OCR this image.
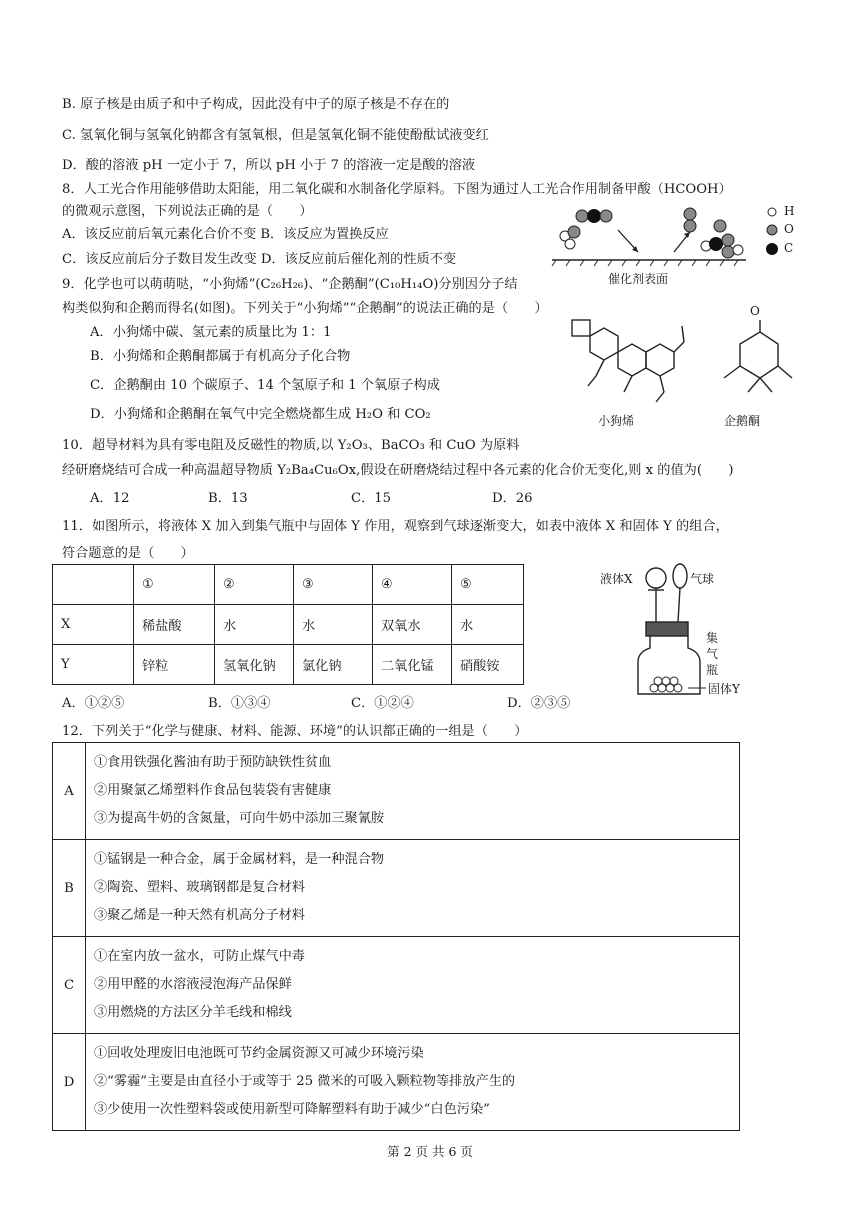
B. 原子核是由质子和中子构成，因此没有中子的原子核是不存在的
C. 氢氧化铜与氢氧化钠都含有氢氧根，但是氢氧化铜不能使酚酞试液变红
D．酸的溶液 pH 一定小于 7，所以 pH 小于 7 的溶液一定是酸的溶液
8．人工光合作用能够借助太阳能，用二氧化碳和水制备化学原料。下图为通过人工光合作用制备甲酸（HCOOH）
的微观示意图，下列说法正确的是（　　）
A．该反应前后氧元素化合价不变 B．该反应为置换反应
C．该反应前后分子数目发生改变 D．该反应前后催化剂的性质不变
9．化学也可以萌萌哒，“小狗烯”(C₂₆H₂₆)、“企鹅酮”(C₁₀H₁₄O)分别因分子结
构类似狗和企鹅而得名(如图)。下列关于“小狗烯”“企鹅酮”的说法正确的是（　　）
A．小狗烯中碳、氢元素的质量比为 1：1
B．小狗烯和企鹅酮都属于有机高分子化合物
C．企鹅酮由 10 个碳原子、14 个氢原子和 1 个氧原子构成
D．小狗烯和企鹅酮在氧气中完全燃烧都生成 H₂O 和 CO₂
10．超导材料为具有零电阻及反磁性的物质,以 Y₂O₃、BaCO₃ 和 CuO 为原料
经研磨烧结可合成一种高温超导物质 Y₂Ba₄Cu₆Ox,假设在研磨烧结过程中各元素的化合价无变化,则 x 的值为(　　)
A．12	B．13	C．15	D．26
11．如图所示，将液体 X 加入到集气瓶中与固体 Y 作用，观察到气球逐渐变大，如表中液体 X 和固体 Y 的组合，
符合题意的是（　　）
	①	②	③	④	⑤
X	稀盐酸	水	水	双氧水	水
Y	锌粒	氢氧化钠	氯化钠	二氧化锰	硝酸铵
A．①②⑤	B．①③④	C．①②④	D．②③⑤
12．下列关于“化学与健康、材料、能源、环境”的认识都正确的一组是（　　）
A	①食用铁强化酱油有助于预防缺铁性贫血
②用聚氯乙烯塑料作食品包装袋有害健康
③为提高牛奶的含氮量，可向牛奶中添加三聚氰胺

B	①锰钢是一种合金，属于金属材料，是一种混合物
②陶瓷、塑料、玻璃钢都是复合材料
③聚乙烯是一种天然有机高分子材料

C	①在室内放一盆水，可防止煤气中毒
②用甲醛的水溶液浸泡海产品保鲜
③用燃烧的方法区分羊毛线和棉线

D	①回收处理废旧电池既可节约金属资源又可减少环境污染
②“雾霾”主要是由直径小于或等于 25 微米的可吸入颗粒物等排放产生的
③少使用一次性塑料袋或使用新型可降解塑料有助于减少“白色污染”
H
O
C
催化剂表面
O
小狗烯	企鹅酮
液体X	气球
集气瓶
固体Y
第 2 页 共 6 页
